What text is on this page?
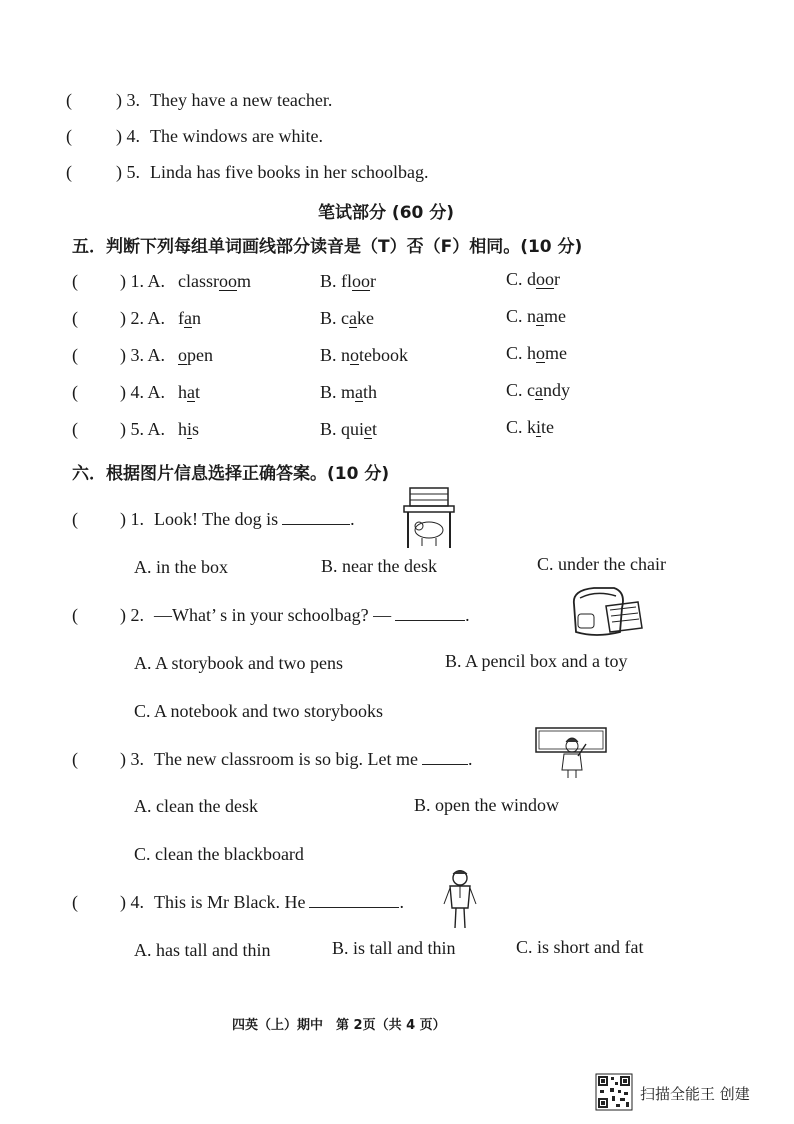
( ) 3. They have a new teacher.
( ) 4. The windows are white.
( ) 5. Linda has five books in her schoolbag.
笔试部分 (60 分)
五．判断下列每组单词画线部分读音是（T）否（F）相同。(10 分)
( ) 1. A. classroom	B. floor	C. door
( ) 2. A. fan	B. cake	C. name
( ) 3. A. open	B. notebook	C. home
( ) 4. A. hat	B. math	C. candy
( ) 5. A. his	B. quiet	C. kite
六．根据图片信息选择正确答案。(10 分)
( ) 1. Look! The dog is	.
A. in the box	B. near the desk	C. under the chair
( ) 2. —What’ s in your schoolbag? —	.
A. A storybook and two pens	B. A pencil box and a toy
C. A notebook and two storybooks
( ) 3. The new classroom is so big. Let me	.
A. clean the desk	B. open the window
C. clean the blackboard
( ) 4. This is Mr Black. He	.
A. has tall and thin	B. is tall and thin	C. is short and fat
四英（上）期中　第 2页（共 4 页）
扫描全能王 创建
